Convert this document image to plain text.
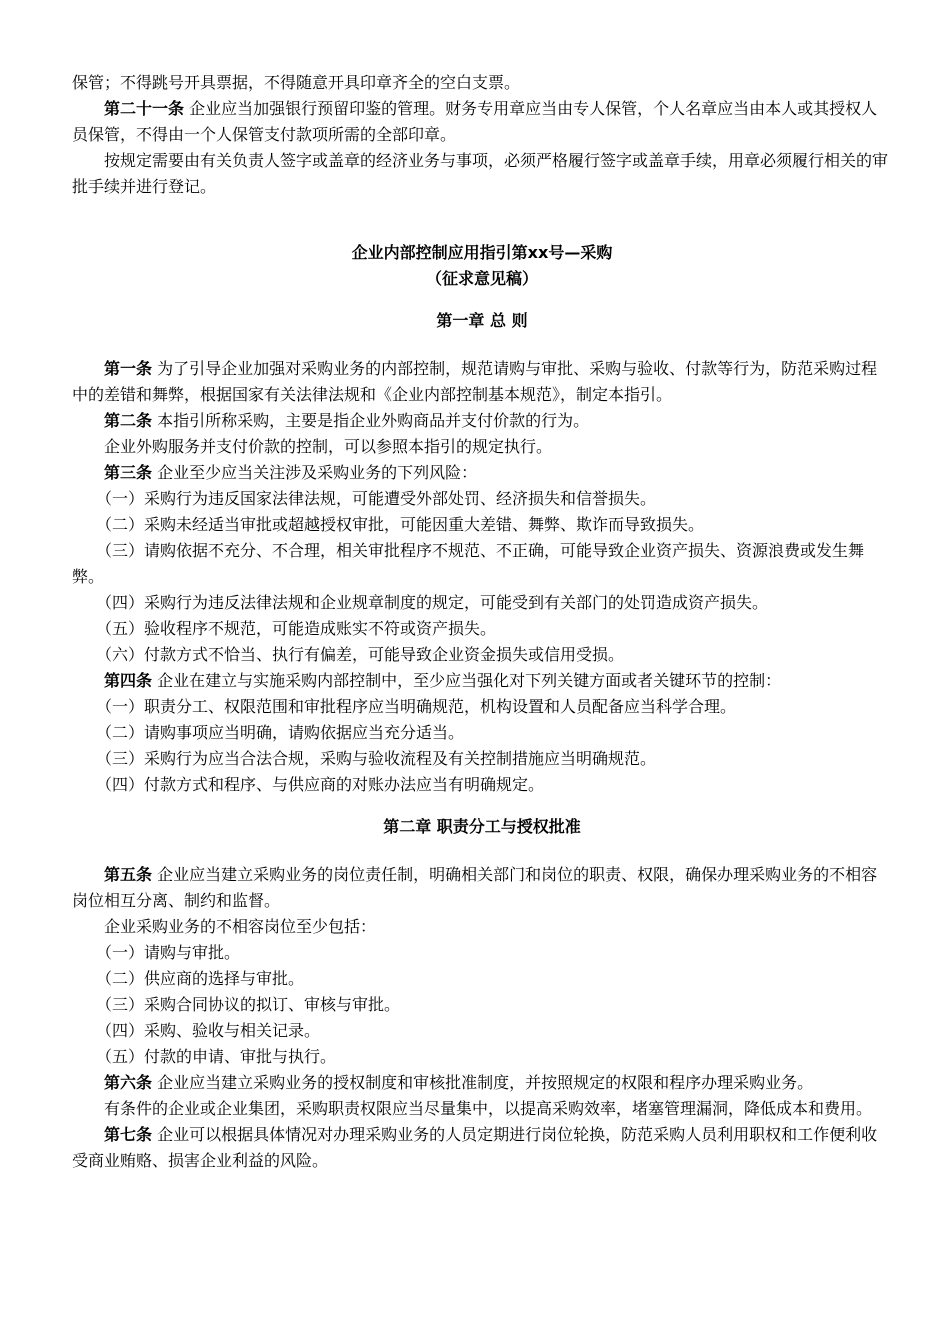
保管；不得跳号开具票据，不得随意开具印章齐全的空白支票。

第二十一条 企业应当加强银行预留印鉴的管理。财务专用章应当由专人保管，个人名章应当由本人或其授权人员保管，不得由一个人保管支付款项所需的全部印章。

按规定需要由有关负责人签字或盖章的经济业务与事项，必须严格履行签字或盖章手续，用章必须履行相关的审批手续并进行登记。

企业内部控制应用指引第xx号—采购

（征求意见稿）

第一章 总 则

第一条 为了引导企业加强对采购业务的内部控制，规范请购与审批、采购与验收、付款等行为，防范采购过程中的差错和舞弊，根据国家有关法律法规和《企业内部控制基本规范》，制定本指引。

第二条 本指引所称采购，主要是指企业外购商品并支付价款的行为。

企业外购服务并支付价款的控制，可以参照本指引的规定执行。

第三条 企业至少应当关注涉及采购业务的下列风险：

（一）采购行为违反国家法律法规，可能遭受外部处罚、经济损失和信誉损失。

（二）采购未经适当审批或超越授权审批，可能因重大差错、舞弊、欺诈而导致损失。

（三）请购依据不充分、不合理，相关审批程序不规范、不正确，可能导致企业资产损失、资源浪费或发生舞弊。

（四）采购行为违反法律法规和企业规章制度的规定，可能受到有关部门的处罚造成资产损失。

（五）验收程序不规范，可能造成账实不符或资产损失。

（六）付款方式不恰当、执行有偏差，可能导致企业资金损失或信用受损。

第四条 企业在建立与实施采购内部控制中，至少应当强化对下列关键方面或者关键环节的控制：

（一）职责分工、权限范围和审批程序应当明确规范，机构设置和人员配备应当科学合理。

（二）请购事项应当明确，请购依据应当充分适当。

（三）采购行为应当合法合规，采购与验收流程及有关控制措施应当明确规范。

（四）付款方式和程序、与供应商的对账办法应当有明确规定。

第二章 职责分工与授权批准

第五条 企业应当建立采购业务的岗位责任制，明确相关部门和岗位的职责、权限，确保办理采购业务的不相容岗位相互分离、制约和监督。

企业采购业务的不相容岗位至少包括：

（一）请购与审批。

（二）供应商的选择与审批。

（三）采购合同协议的拟订、审核与审批。

（四）采购、验收与相关记录。

（五）付款的申请、审批与执行。

第六条 企业应当建立采购业务的授权制度和审核批准制度，并按照规定的权限和程序办理采购业务。

有条件的企业或企业集团，采购职责权限应当尽量集中，以提高采购效率，堵塞管理漏洞，降低成本和费用。

第七条 企业可以根据具体情况对办理采购业务的人员定期进行岗位轮换，防范采购人员利用职权和工作便利收受商业贿赂、损害企业利益的风险。
